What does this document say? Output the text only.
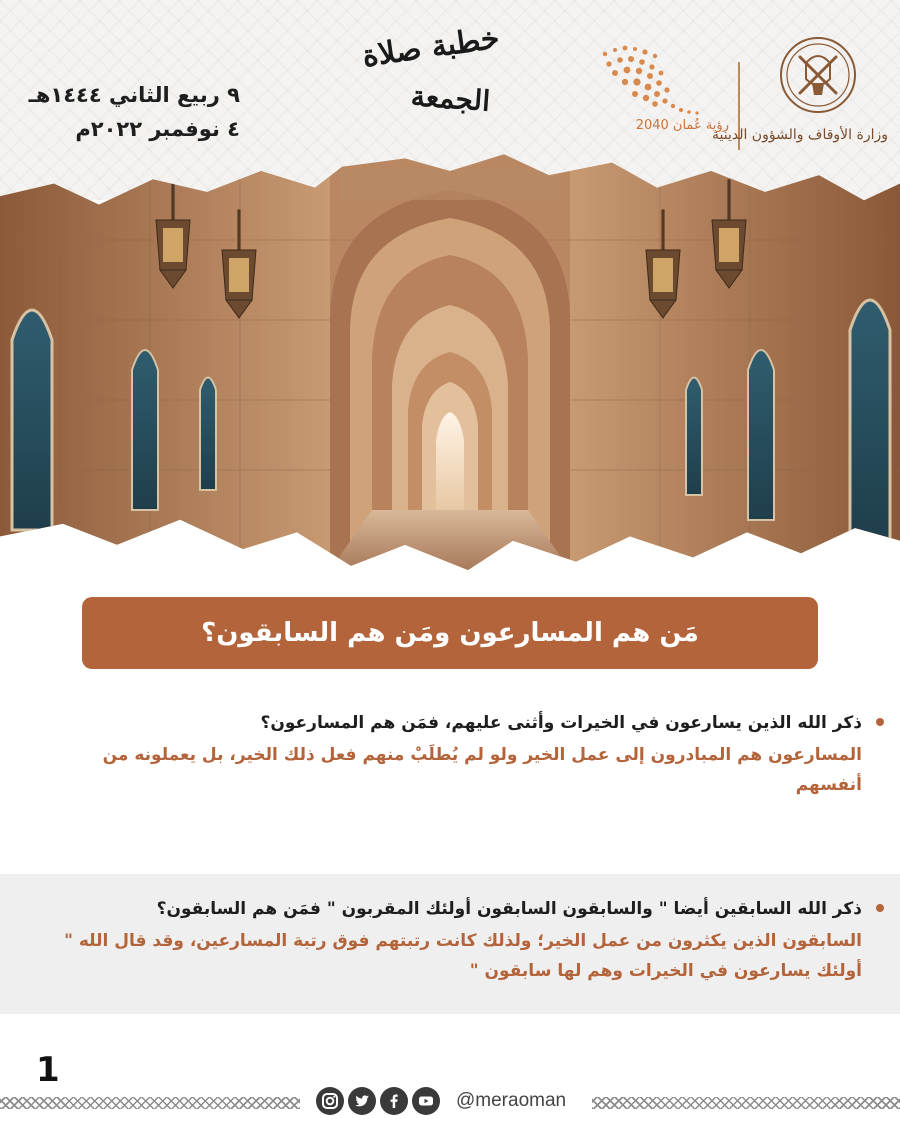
٩ ربيع الثاني ١٤٤٤هـ
٤ نوفمبر ٢٠٢٢م
خطبة صلاة
الجمعة
رؤية عُمان 2040
وزارة الأوقاف والشؤون الدينية
مَن هم المسارعون ومَن هم السابقون؟
ذكر الله الذين يسارعون في الخيرات وأثنى عليهم، فمَن هم المسارعون؟
المسارعون هم المبادرون إلى عمل الخير ولو لم يُطلَبْ منهم فعل ذلك الخير، بل يعملونه من أنفسهم
ذكر الله السابقين أيضا " والسابقون السابقون أولئك المقربون " فمَن هم السابقون؟
السابقون الذين يكثرون من عمل الخير؛ ولذلك كانت رتبتهم فوق رتبة المسارعين، وقد قال الله " أولئك يسارعون في الخيرات وهم لها سابقون "
1
@meraoman
